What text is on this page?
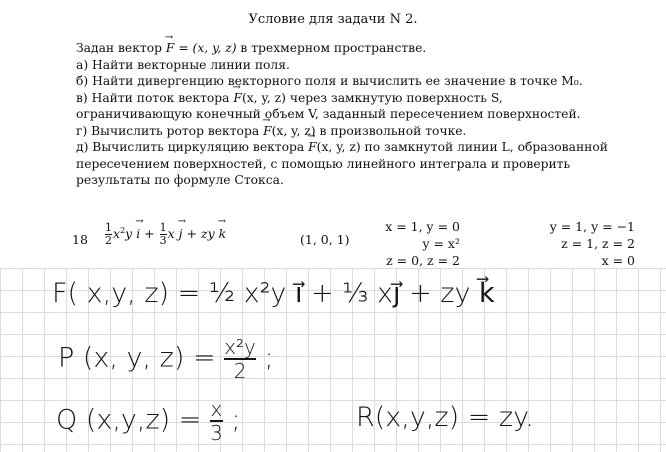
Условие для задачи N 2.

Задан вектор → F = (x, y, z) в трехмерном пространстве.

а) Найти векторные линии поля.

б) Найти дивергенцию векторного поля и вычислить ее значение в точке M₀.

в) Найти поток вектора → F(x, y, z) через замкнутую поверхность S, ограничивающую конечный объем V, заданный пересечением поверхностей.

г) Вычислить ротор вектора → F(x, y, z) в произвольной точке.

д) Вычислить циркуляцию вектора → F(x, y, z) по замкнутой линии L, образованной пересечением поверхностей, с помощью линейного интеграла и проверить результаты по формуле Стокса.

$18 \frac{1}{2} x^2y \to i + \frac{1}{3}$ x → j + zy → k	(1, 0, 1)
x = 1, y = 0
y = x²
z = 0, z = 2
y = 1, y = −1
z = 1, z = 2
x = 0
F( x,y, z) = ½ x²y i⃗ + ⅓ xj⃗ + zy k⃗
P (x, y, $z) = \frac{\text{x²y}}{2}$ ;
Q $(x,y,z) = \frac{x}{3}$ ;	R(x,y,z) = zy.
